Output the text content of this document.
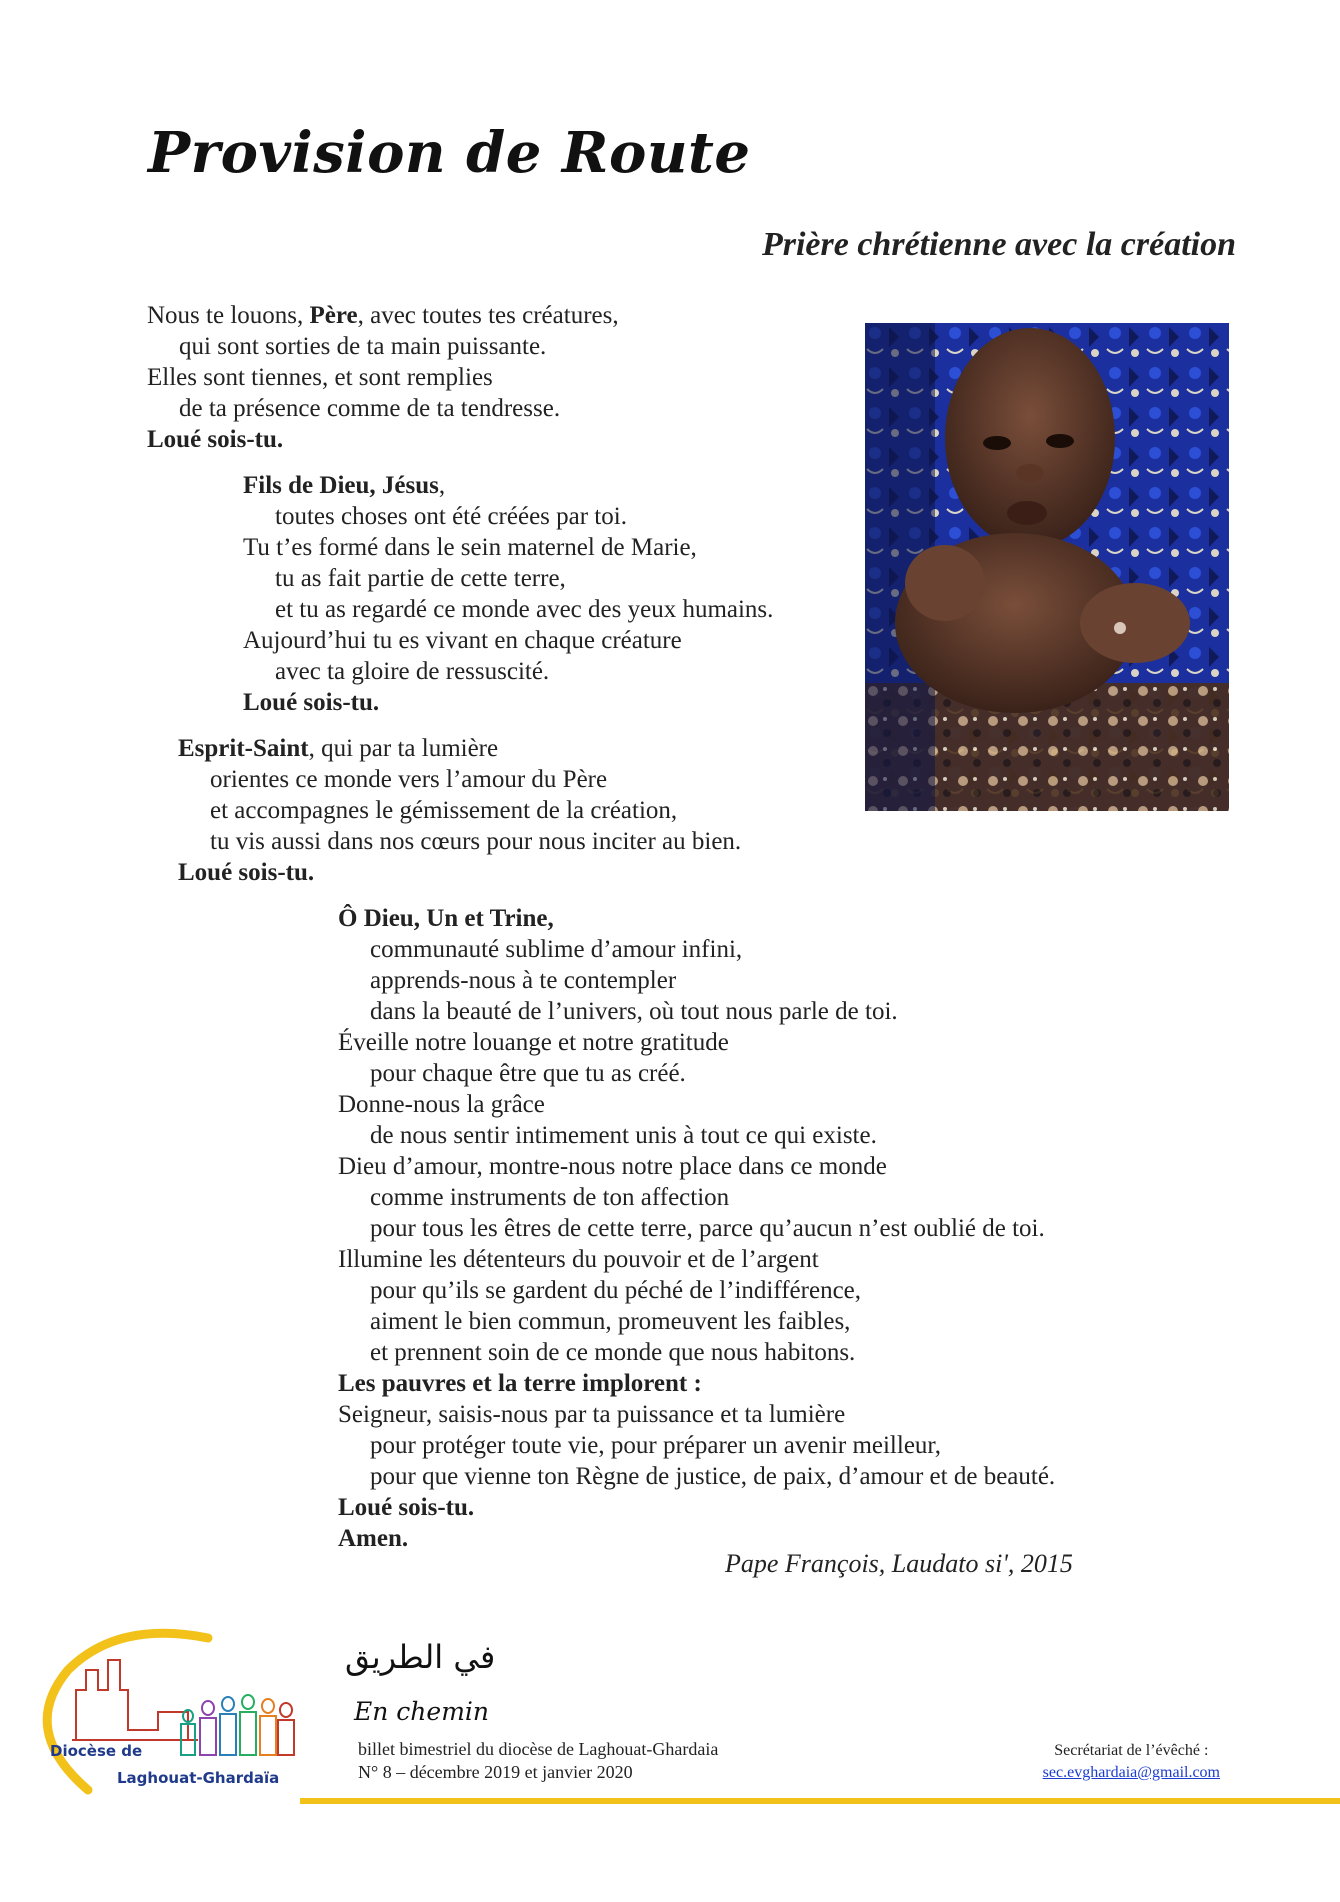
Provision de Route
Prière chrétienne avec la création
Nous te louons, Père, avec toutes tes créatures,
qui sont sorties de ta main puissante.
Elles sont tiennes, et sont remplies
de ta présence comme de ta tendresse.
Loué sois-tu.
Fils de Dieu, Jésus,
toutes choses ont été créées par toi.
Tu t’es formé dans le sein maternel de Marie,
tu as fait partie de cette terre,
et tu as regardé ce monde avec des yeux humains.
Aujourd’hui tu es vivant en chaque créature
avec ta gloire de ressuscité.
Loué sois-tu.
Esprit-Saint, qui par ta lumière
orientes ce monde vers l’amour du Père
et accompagnes le gémissement de la création,
tu vis aussi dans nos cœurs pour nous inciter au bien.
Loué sois-tu.
Ô Dieu, Un et Trine,
communauté sublime d’amour infini,
apprends-nous à te contempler
dans la beauté de l’univers, où tout nous parle de toi.
Éveille notre louange et notre gratitude
pour chaque être que tu as créé.
Donne-nous la grâce
de nous sentir intimement unis à tout ce qui existe.
Dieu d’amour, montre-nous notre place dans ce monde
comme instruments de ton affection
pour tous les êtres de cette terre, parce qu’aucun n’est oublié de toi.
Illumine les détenteurs du pouvoir et de l’argent
pour qu’ils se gardent du péché de l’indifférence,
aiment le bien commun, promeuvent les faibles,
et prennent soin de ce monde que nous habitons.
Les pauvres et la terre implorent :
Seigneur, saisis-nous par ta puissance et ta lumière
pour protéger toute vie, pour préparer un avenir meilleur,
pour que vienne ton Règne de justice, de paix, d’amour et de beauté.
Loué sois-tu.
Amen.
Pape François, Laudato si', 2015
Diocèse de
Laghouat-Ghardaïa
في الطريق
En chemin
billet bimestriel du diocèse de Laghouat-Ghardaia
N° 8 – décembre 2019 et janvier 2020
Secrétariat de l’évêché :
sec.evghardaia@gmail.com
